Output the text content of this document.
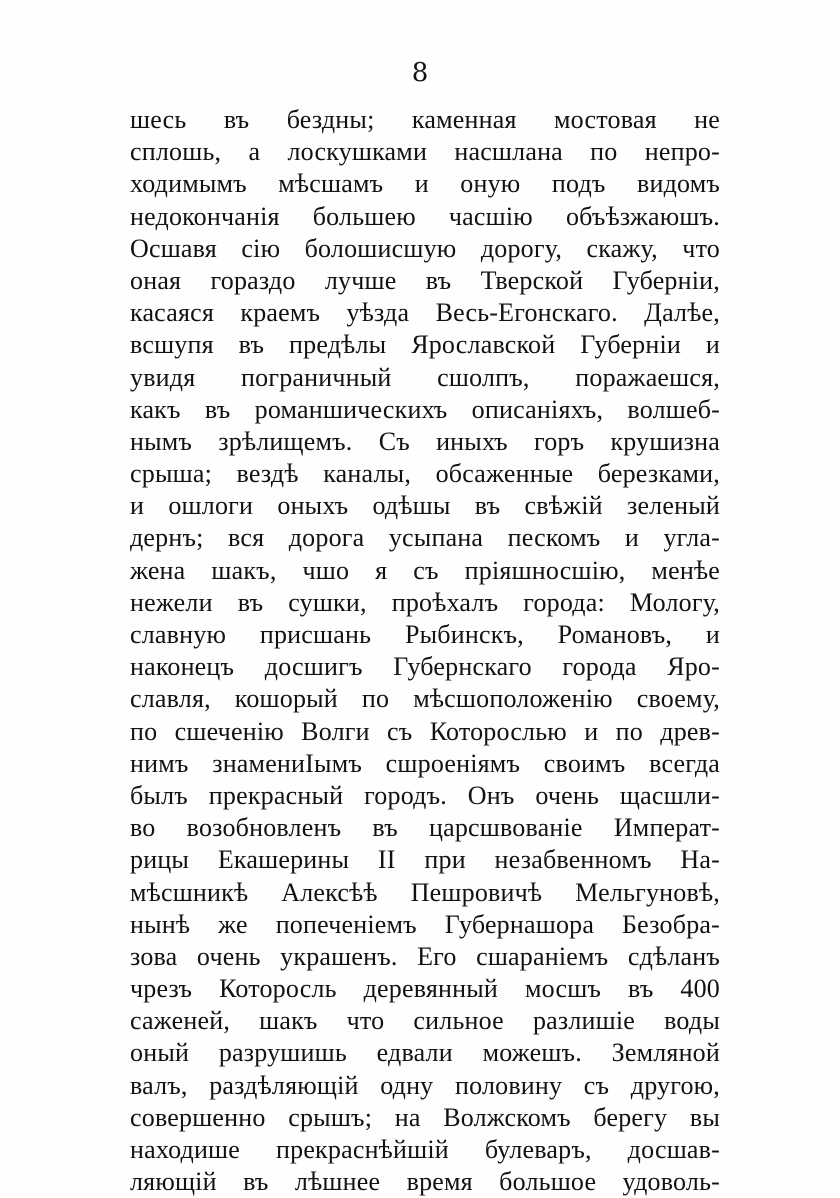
8
шесь въ бездны; каменная мостовая не
сплошь, а лоскушками насшлана по непро-
ходимымъ мѣсшамъ и оную подъ видомъ
недокончанія большею часшію объѣзжаюшъ.
Осшавя сію болошисшую дорогу, скажу, что
оная гораздо лучше въ Тверской Губерніи,
касаяся краемъ уѣзда Весь-Егонскаго. Далѣе,
всшупя въ предѣлы Ярославской Губерніи и
увидя пограничный сшолпъ, поражаешся,
какъ въ романшическихъ описаніяхъ, волшеб-
нымъ зрѣлищемъ. Съ иныхъ горъ крушизна
срыша; вездѣ каналы, обсаженные березками,
и ошлоги оныхъ одѣшы въ свѣжій зеленый
дернъ; вся дорога усыпана пескомъ и угла-
жена шакъ, чшо я съ пріяшносшію, менѣе
нежели въ сушки, проѣхалъ города: Мологу,
славную присшань Рыбинскъ, Романовъ, и
наконецъ досшигъ Губернскаго города Яро-
славля, кошорый по мѣсшоположенію своему,
по сшеченію Волги съ Которослью и по древ-
нимъ знамениIымъ сшроеніямъ своимъ всегда
былъ прекрасный городъ. Онъ очень щасшли-
во возобновленъ въ царсшвованіе Императ-
рицы Екашерины II при незабвенномъ На-
мѣсшникѣ Алексѣѣ Пешровичѣ Мельгуновѣ,
нынѣ же попеченіемъ Губернашора Безобра-
зова очень украшенъ. Его сшараніемъ сдѣланъ
чрезъ Которосль деревянный мосшъ въ 400
саженей, шакъ что сильное разлишіе воды
оный разрушишь едвали можешъ. Земляной
валъ, раздѣляющій одну половину съ другою,
совершенно срышъ; на Волжскомъ берегу вы
находише прекраснѣйшій булеваръ, досшав-
ляющій въ лѣшнее время большое удоволь-
